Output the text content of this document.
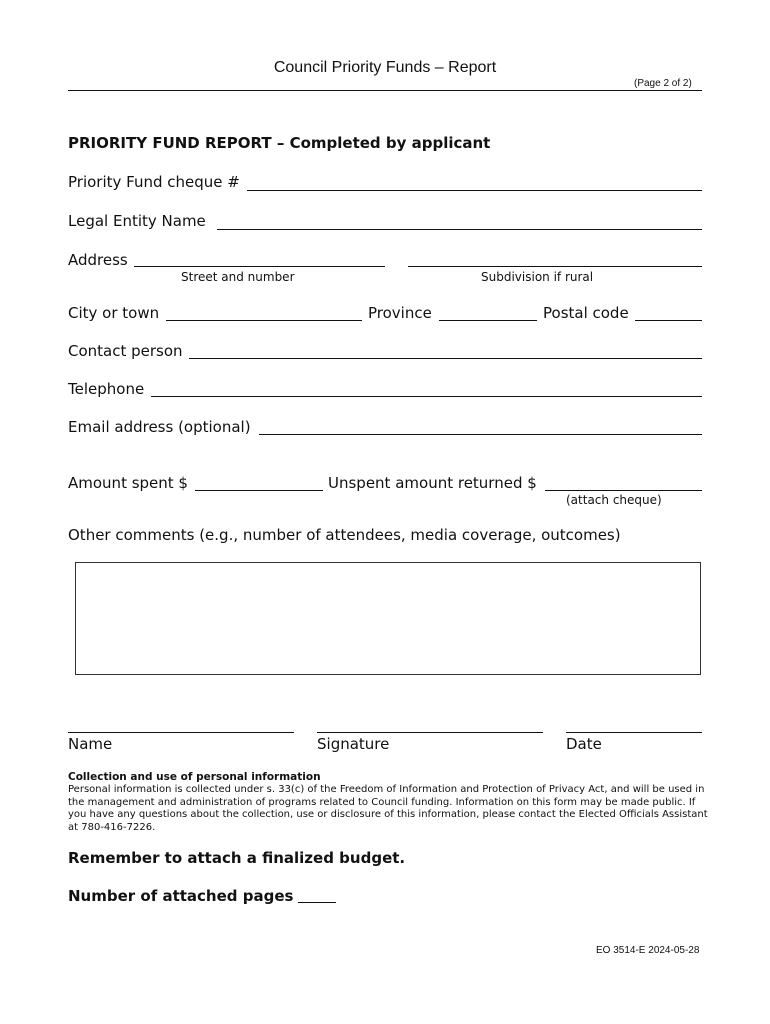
Council Priority Funds – Report
(Page 2 of 2)
PRIORITY FUND REPORT – Completed by applicant
Priority Fund cheque #
Legal Entity Name
Address
Street and number	Subdivision if rural
City or town	Province	Postal code
Contact person
Telephone
Email address (optional)
Amount spent $	Unspent amount returned $
(attach cheque)
Other comments (e.g., number of attendees, media coverage, outcomes)
Name	Signature	Date
Collection and use of personal information
Personal information is collected under s. 33(c) of the Freedom of Information and Protection of Privacy Act, and will be used in the management and administration of programs related to Council funding. Information on this form may be made public. If you have any questions about the collection, use or disclosure of this information, please contact the Elected Officials Assistant at 780-416-7226.
Remember to attach a finalized budget.
Number of attached pages
EO 3514-E 2024-05-28
